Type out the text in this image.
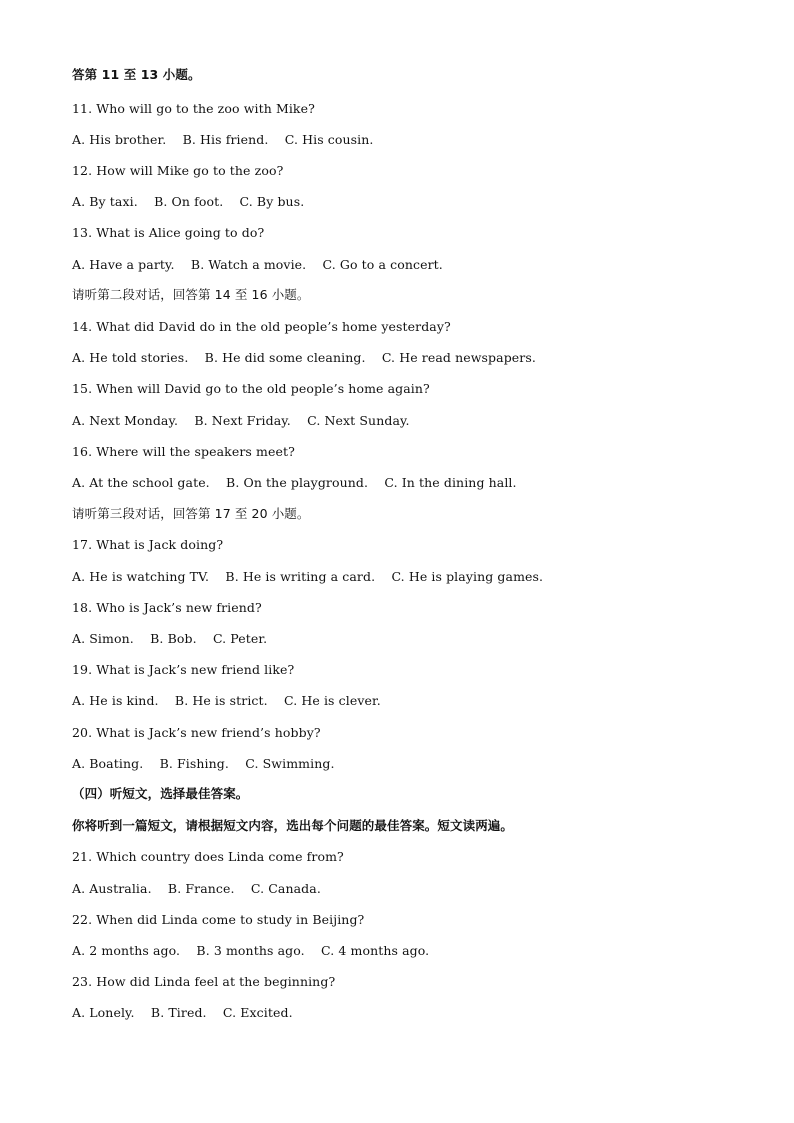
答第 11 至 13 小题。
11. Who will go to the zoo with Mike?
A. His brother.    B. His friend.    C. His cousin.
12. How will Mike go to the zoo?
A. By taxi.    B. On foot.    C. By bus.
13. What is Alice going to do?
A. Have a party.    B. Watch a movie.    C. Go to a concert.
请听第二段对话，回答第 14 至 16 小题。
14. What did David do in the old people’s home yesterday?
A. He told stories.    B. He did some cleaning.    C. He read newspapers.
15. When will David go to the old people’s home again?
A. Next Monday.    B. Next Friday.    C. Next Sunday.
16. Where will the speakers meet?
A. At the school gate.    B. On the playground.    C. In the dining hall.
请听第三段对话，回答第 17 至 20 小题。
17. What is Jack doing?
A. He is watching TV.    B. He is writing a card.    C. He is playing games.
18. Who is Jack’s new friend?
A. Simon.    B. Bob.    C. Peter.
19. What is Jack’s new friend like?
A. He is kind.    B. He is strict.    C. He is clever.
20. What is Jack’s new friend’s hobby?
A. Boating.    B. Fishing.    C. Swimming.
（四）听短文，选择最佳答案。
你将听到一篇短文，请根据短文内容，选出每个问题的最佳答案。短文读两遍。
21. Which country does Linda come from?
A. Australia.    B. France.    C. Canada.
22. When did Linda come to study in Beijing?
A. 2 months ago.    B. 3 months ago.    C. 4 months ago.
23. How did Linda feel at the beginning?
A. Lonely.    B. Tired.    C. Excited.
